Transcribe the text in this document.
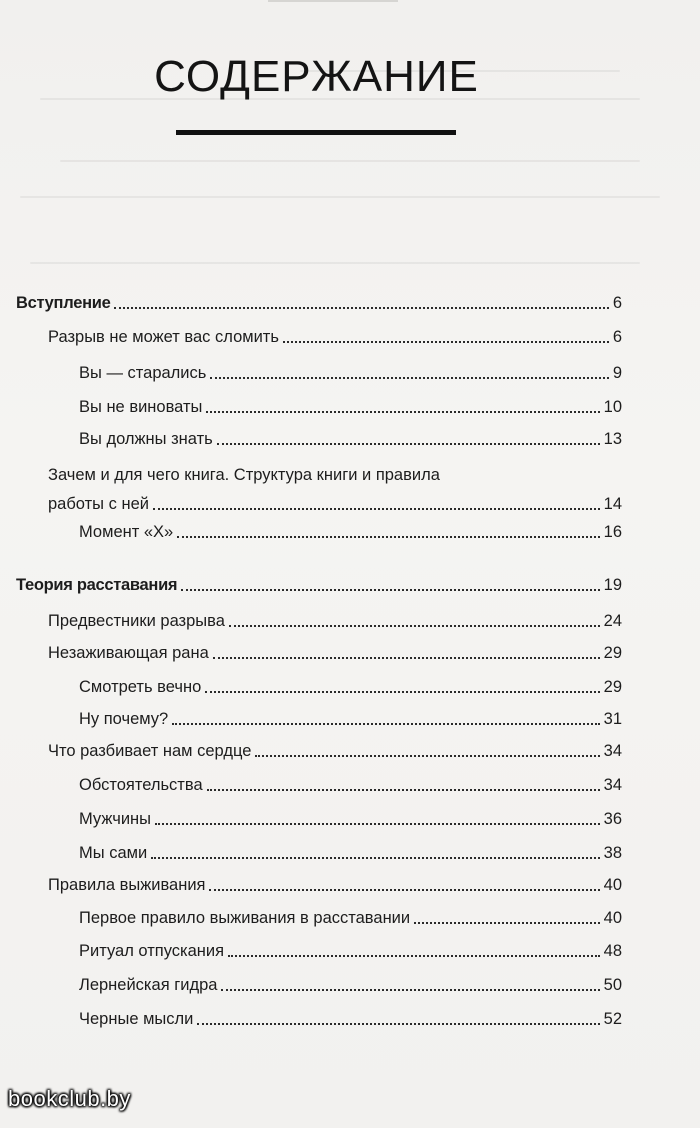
СОДЕРЖАНИЕ
Вступление	6
Разрыв не может вас сломить	6
Вы — старались	9
Вы не виноваты	10
Вы должны знать	13
Зачем и для чего книга. Структура книги и правила
работы с ней	14
Момент «Х»	16
Теория расставания	19
Предвестники разрыва	24
Незаживающая рана	29
Смотреть вечно	29
Ну почему?	31
Что разбивает нам сердце	34
Обстоятельства	34
Мужчины	36
Мы сами	38
Правила выживания	40
Первое правило выживания в расставании	40
Ритуал отпускания	48
Лернейская гидра	50
Черные мысли	52
bookclub.by
